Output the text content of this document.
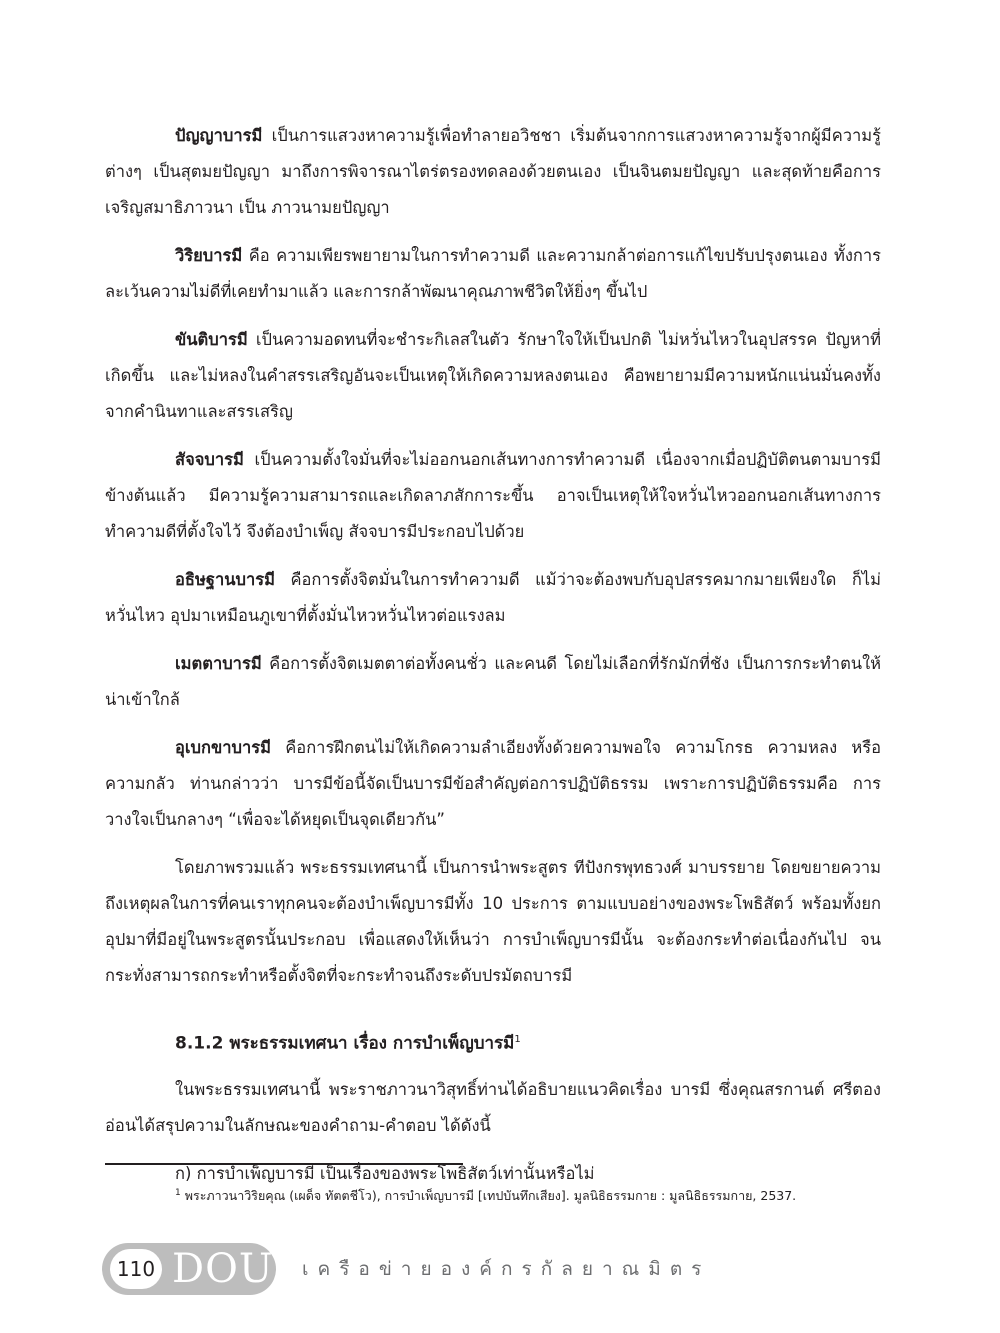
ปัญญาบารมี เป็นการแสวงหาความรู้เพื่อทำลายอวิชชา เริ่มต้นจากการแสวงหาความรู้จากผู้มีความรู้ต่างๆ เป็นสุตมยปัญญา มาถึงการพิจารณาไตร่ตรองทดลองด้วยตนเอง เป็นจินตมยปัญญา และสุดท้ายคือการเจริญสมาธิภาวนา เป็น ภาวนามยปัญญา

วิริยบารมี คือ ความเพียรพยายามในการทำความดี และความกล้าต่อการแก้ไขปรับปรุงตนเอง ทั้งการละเว้นความไม่ดีที่เคยทำมาแล้ว และการกล้าพัฒนาคุณภาพชีวิตให้ยิ่งๆ ขึ้นไป

ขันติบารมี เป็นความอดทนที่จะชำระกิเลสในตัว รักษาใจให้เป็นปกติ ไม่หวั่นไหวในอุปสรรค ปัญหาที่เกิดขึ้น และไม่หลงในคำสรรเสริญอันจะเป็นเหตุให้เกิดความหลงตนเอง คือพยายามมีความหนักแน่นมั่นคงทั้งจากคำนินทาและสรรเสริญ

สัจจบารมี เป็นความตั้งใจมั่นที่จะไม่ออกนอกเส้นทางการทำความดี เนื่องจากเมื่อปฏิบัติตนตามบารมีข้างต้นแล้ว มีความรู้ความสามารถและเกิดลาภสักการะขึ้น อาจเป็นเหตุให้ใจหวั่นไหวออกนอกเส้นทางการทำความดีที่ตั้งใจไว้ จึงต้องบำเพ็ญ สัจจบารมีประกอบไปด้วย

อธิษฐานบารมี คือการตั้งจิตมั่นในการทำความดี แม้ว่าจะต้องพบกับอุปสรรคมากมายเพียงใด ก็ไม่หวั่นไหว อุปมาเหมือนภูเขาที่ตั้งมั่นไหวหวั่นไหวต่อแรงลม

เมตตาบารมี คือการตั้งจิตเมตตาต่อทั้งคนชั่ว และคนดี โดยไม่เลือกที่รักมักที่ชัง เป็นการกระทำตนให้น่าเข้าใกล้

อุเบกขาบารมี คือการฝึกตนไม่ให้เกิดความลำเอียงทั้งด้วยความพอใจ ความโกรธ ความหลง หรือความกลัว ท่านกล่าวว่า บารมีข้อนี้จัดเป็นบารมีข้อสำคัญต่อการปฏิบัติธรรม เพราะการปฏิบัติธรรมคือ การวางใจเป็นกลางๆ “เพื่อจะได้หยุดเป็นจุดเดียวกัน”

โดยภาพรวมแล้ว พระธรรมเทศนานี้ เป็นการนำพระสูตร ทีปังกรพุทธวงศ์ มาบรรยาย โดยขยายความถึงเหตุผลในการที่คนเราทุกคนจะต้องบำเพ็ญบารมีทั้ง 10 ประการ ตามแบบอย่างของพระโพธิสัตว์ พร้อมทั้งยกอุปมาที่มีอยู่ในพระสูตรนั้นประกอบ เพื่อแสดงให้เห็นว่า การบำเพ็ญบารมีนั้น จะต้องกระทำต่อเนื่องกันไป จนกระทั่งสามารถกระทำหรือตั้งจิตที่จะกระทำจนถึงระดับปรมัตถบารมี

8.1.2 พระธรรมเทศนา เรื่อง การบำเพ็ญบารมี$^1$

ในพระธรรมเทศนานี้ พระราชภาวนาวิสุทธิ์ท่านได้อธิบายแนวคิดเรื่อง บารมี ซึ่งคุณสรกานต์ ศรีตองอ่อนได้สรุปความในลักษณะของคำถาม-คำตอบ ได้ดังนี้

ก) การบำเพ็ญบารมี เป็นเรื่องของพระโพธิสัตว์เท่านั้นหรือไม่

$^1$ พระภาวนาวิริยคุณ (เผด็จ ทัตตชีโว), การบำเพ็ญบารมี [เทปบันทึกเสียง]. มูลนิธิธรรมกาย : มูลนิธิธรรมกาย, 2537.
110 DOU เครือข่ายองค์กรกัลยาณมิตร
